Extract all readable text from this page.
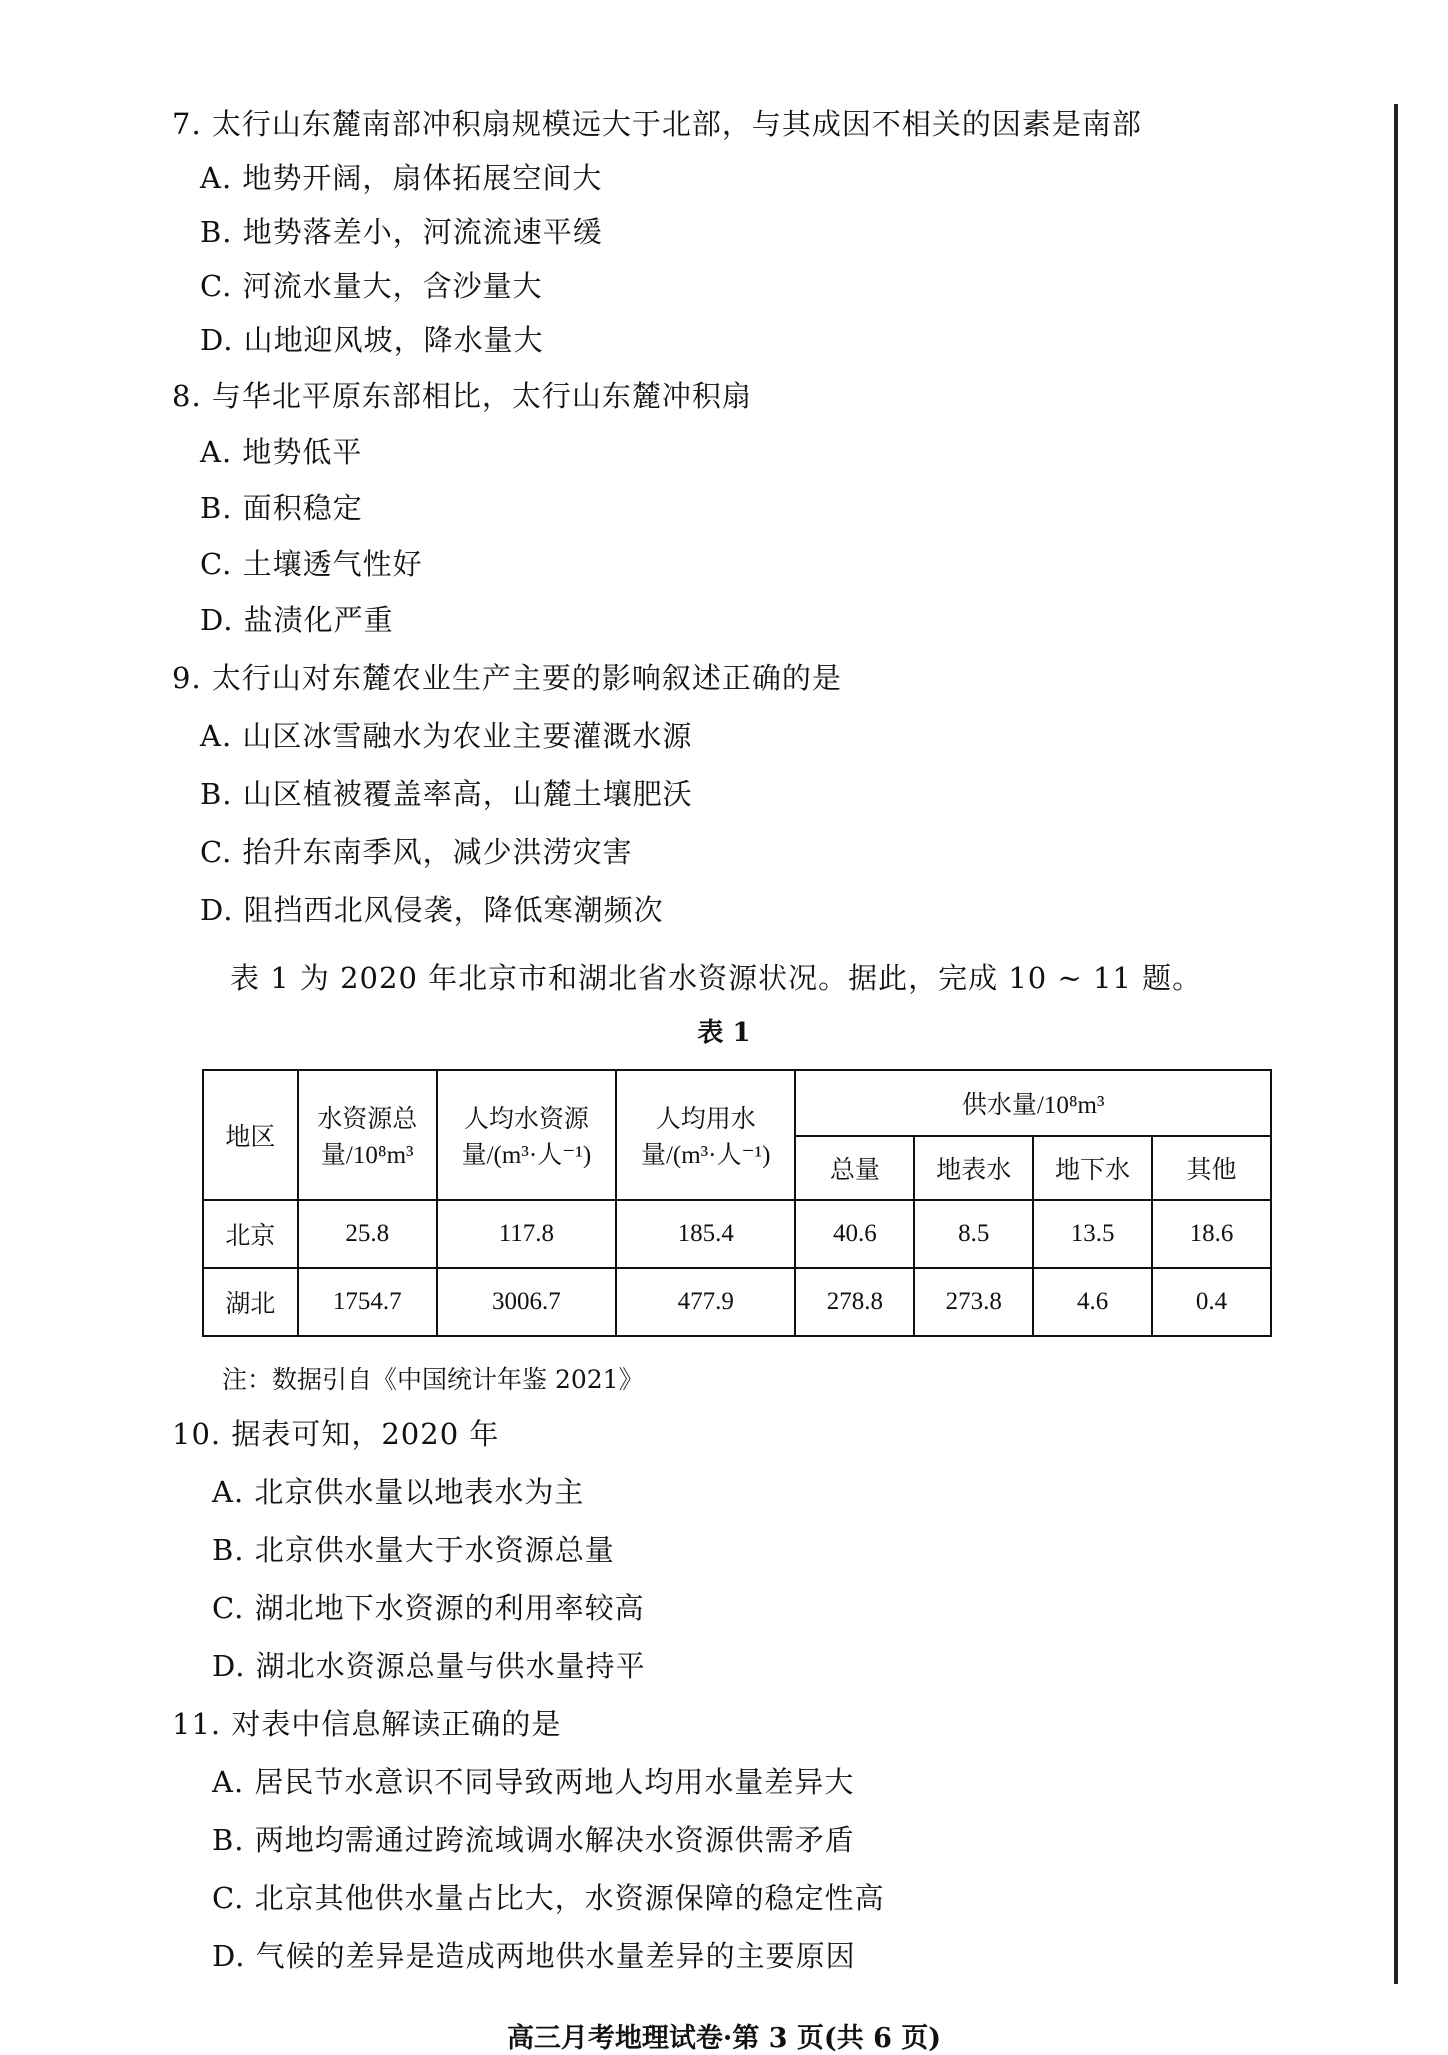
7. 太行山东麓南部冲积扇规模远大于北部，与其成因不相关的因素是南部
A. 地势开阔，扇体拓展空间大
B. 地势落差小，河流流速平缓
C. 河流水量大，含沙量大
D. 山地迎风坡，降水量大
8. 与华北平原东部相比，太行山东麓冲积扇
A. 地势低平
B. 面积稳定
C. 土壤透气性好
D. 盐渍化严重
9. 太行山对东麓农业生产主要的影响叙述正确的是
A. 山区冰雪融水为农业主要灌溉水源
B. 山区植被覆盖率高，山麓土壤肥沃
C. 抬升东南季风，减少洪涝灾害
D. 阻挡西北风侵袭，降低寒潮频次
表 1 为 2020 年北京市和湖北省水资源状况。据此，完成 10 ~ 11 题。
表 1
地区	水资源总量/10⁸m³	人均水资源量/(m³·人⁻¹)	人均用水量/(m³·人⁻¹)	供水量/10⁸m³			
				总量	地表水	地下水	其他
北京	25.8	117.8	185.4	40.6	8.5	13.5	18.6
湖北	1754.7	3006.7	477.9	278.8	273.8	4.6	0.4
注：数据引自《中国统计年鉴 2021》
10. 据表可知，2020 年
A. 北京供水量以地表水为主
B. 北京供水量大于水资源总量
C. 湖北地下水资源的利用率较高
D. 湖北水资源总量与供水量持平
11. 对表中信息解读正确的是
A. 居民节水意识不同导致两地人均用水量差异大
B. 两地均需通过跨流域调水解决水资源供需矛盾
C. 北京其他供水量占比大，水资源保障的稳定性高
D. 气候的差异是造成两地供水量差异的主要原因
高三月考地理试卷·第 3 页(共 6 页)
